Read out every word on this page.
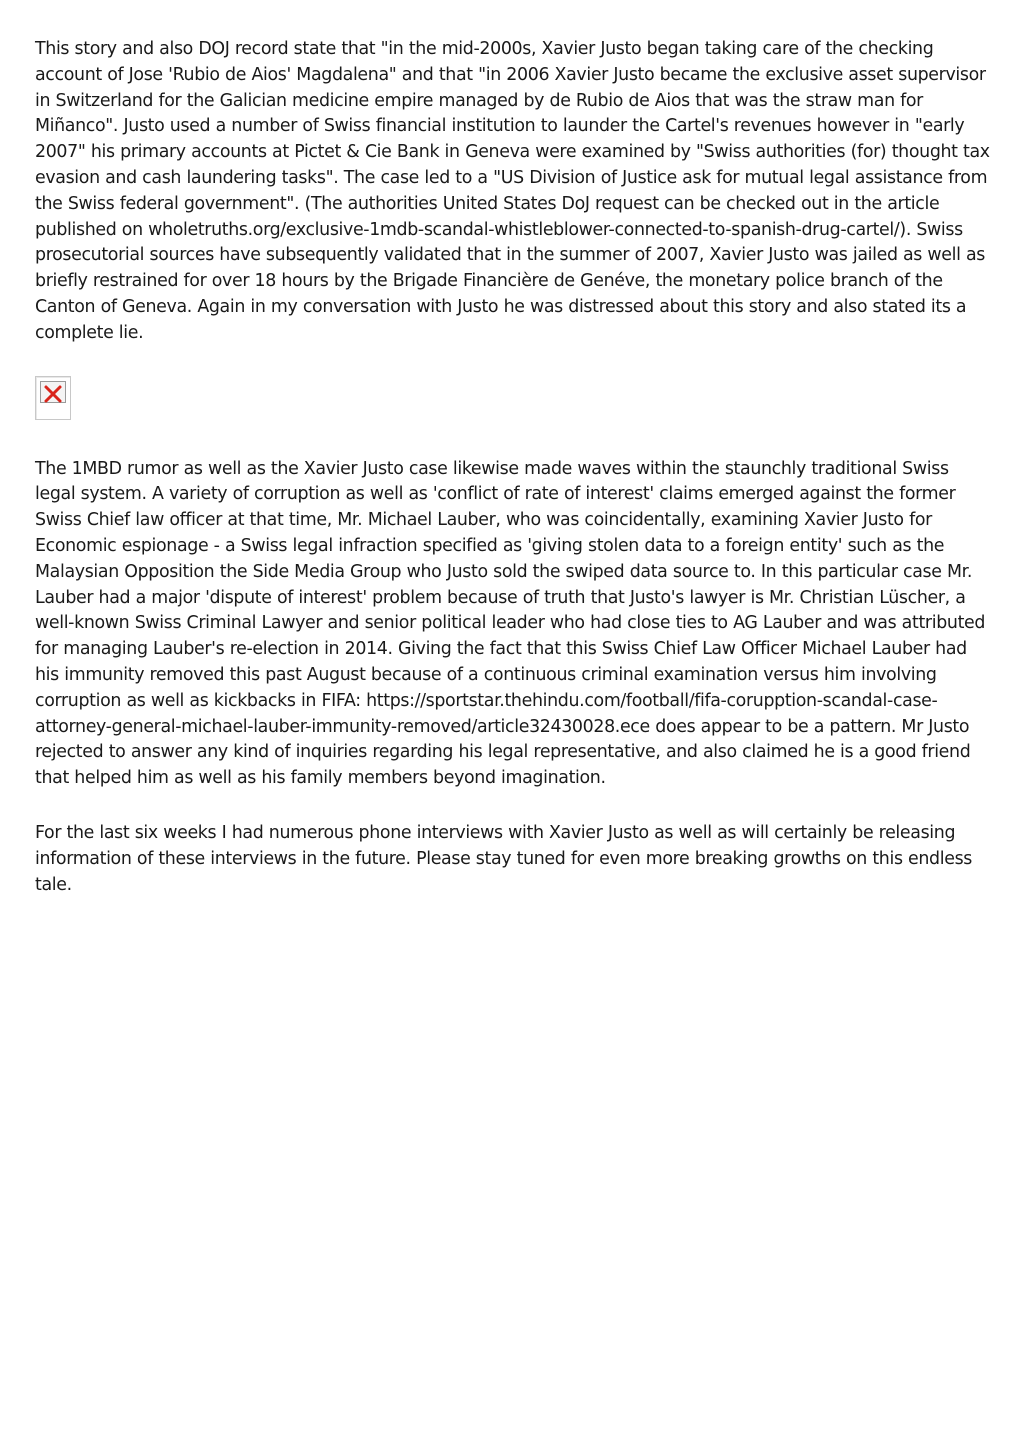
This story and also DOJ record state that "in the mid-2000s, Xavier Justo began taking care of the checking account of Jose 'Rubio de Aios' Magdalena" and that "in 2006 Xavier Justo became the exclusive asset supervisor in Switzerland for the Galician medicine empire managed by de Rubio de Aios that was the straw man for Miñanco". Justo used a number of Swiss financial institution to launder the Cartel's revenues however in "early 2007" his primary accounts at Pictet & Cie Bank in Geneva were examined by "Swiss authorities (for) thought tax evasion and cash laundering tasks". The case led to a "US Division of Justice ask for mutual legal assistance from the Swiss federal government". (The authorities United States DoJ request can be checked out in the article published on wholetruths.org/exclusive-1mdb-scandal-whistleblower-connected-to-spanish-drug-cartel/). Swiss prosecutorial sources have subsequently validated that in the summer of 2007, Xavier Justo was jailed as well as briefly restrained for over 18 hours by the Brigade Financière de Genéve, the monetary police branch of the Canton of Geneva. Again in my conversation with Justo he was distressed about this story and also stated its a complete lie.

The 1MBD rumor as well as the Xavier Justo case likewise made waves within the staunchly traditional Swiss legal system. A variety of corruption as well as 'conflict of rate of interest' claims emerged against the former Swiss Chief law officer at that time, Mr. Michael Lauber, who was coincidentally, examining Xavier Justo for Economic espionage - a Swiss legal infraction specified as 'giving stolen data to a foreign entity' such as the Malaysian Opposition the Side Media Group who Justo sold the swiped data source to. In this particular case Mr. Lauber had a major 'dispute of interest' problem because of truth that Justo's lawyer is Mr. Christian Lüscher, a well-known Swiss Criminal Lawyer and senior political leader who had close ties to AG Lauber and was attributed for managing Lauber's re-election in 2014. Giving the fact that this Swiss Chief Law Officer Michael Lauber had his immunity removed this past August because of a continuous criminal examination versus him involving corruption as well as kickbacks in FIFA: https://sportstar.thehindu.com/football/fifa-corupption-scandal-case-attorney-general-michael-lauber-immunity-removed/article32430028.ece does appear to be a pattern. Mr Justo rejected to answer any kind of inquiries regarding his legal representative, and also claimed he is a good friend that helped him as well as his family members beyond imagination.

For the last six weeks I had numerous phone interviews with Xavier Justo as well as will certainly be releasing information of these interviews in the future. Please stay tuned for even more breaking growths on this endless tale.
